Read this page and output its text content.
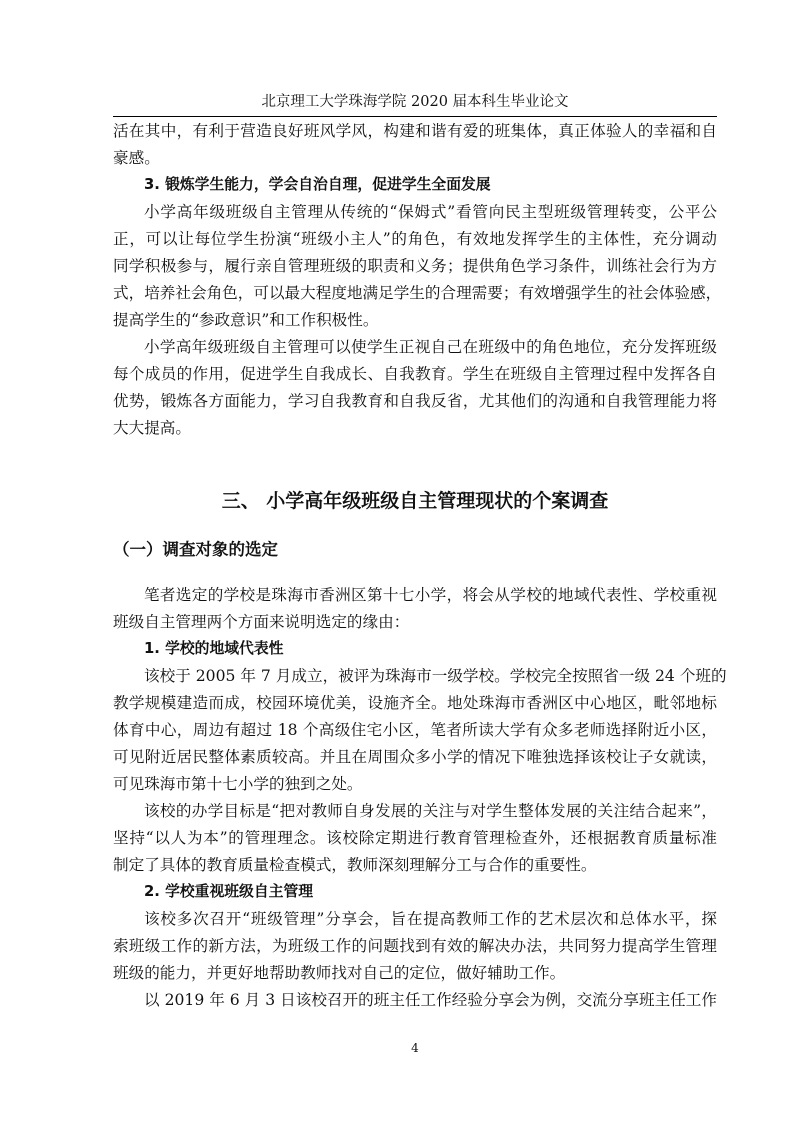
北京理工大学珠海学院 2020 届本科生毕业论文
活在其中，有利于营造良好班风学风，构建和谐有爱的班集体，真正体验人的幸福和自
豪感。
3. 锻炼学生能力，学会自治自理，促进学生全面发展
小学高年级班级自主管理从传统的“保姆式”看管向民主型班级管理转变，公平公
正，可以让每位学生扮演“班级小主人”的角色，有效地发挥学生的主体性，充分调动
同学积极参与，履行亲自管理班级的职责和义务；提供角色学习条件，训练社会行为方
式，培养社会角色，可以最大程度地满足学生的合理需要；有效增强学生的社会体验感，
提高学生的“参政意识”和工作积极性。
小学高年级班级自主管理可以使学生正视自己在班级中的角色地位，充分发挥班级
每个成员的作用，促进学生自我成长、自我教育。学生在班级自主管理过程中发挥各自
优势，锻炼各方面能力，学习自我教育和自我反省，尤其他们的沟通和自我管理能力将
大大提高。
三、 小学高年级班级自主管理现状的个案调查
（一）调查对象的选定
笔者选定的学校是珠海市香洲区第十七小学，将会从学校的地域代表性、学校重视
班级自主管理两个方面来说明选定的缘由：
1. 学校的地域代表性
该校于 2005 年 7 月成立，被评为珠海市一级学校。学校完全按照省一级 24 个班的
教学规模建造而成，校园环境优美，设施齐全。地处珠海市香洲区中心地区，毗邻地标
体育中心，周边有超过 18 个高级住宅小区，笔者所读大学有众多老师选择附近小区，
可见附近居民整体素质较高。并且在周围众多小学的情况下唯独选择该校让子女就读，
可见珠海市第十七小学的独到之处。
该校的办学目标是“把对教师自身发展的关注与对学生整体发展的关注结合起来”，
坚持“以人为本”的管理理念。该校除定期进行教育管理检查外，还根据教育质量标准
制定了具体的教育质量检查模式，教师深刻理解分工与合作的重要性。
2. 学校重视班级自主管理
该校多次召开“班级管理”分享会，旨在提高教师工作的艺术层次和总体水平，探
索班级工作的新方法，为班级工作的问题找到有效的解决办法，共同努力提高学生管理
班级的能力，并更好地帮助教师找对自己的定位，做好辅助工作。
以 2019 年 6 月 3 日该校召开的班主任工作经验分享会为例，交流分享班主任工作
4
